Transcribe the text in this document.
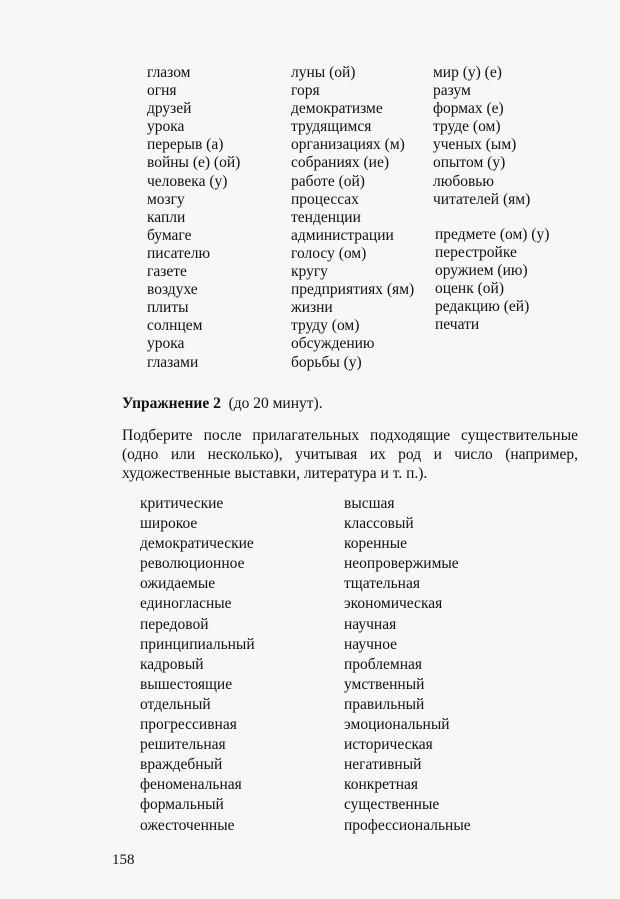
глазом
огня
друзей
урока
перерыв (а)
войны (е) (ой)
человека (у)
мозгу
капли
бумаге
писателю
газете
воздухе
плиты
солнцем
урока
глазами
луны (ой)
горя
демократизме
трудящимся
организациях (м)
собраниях (ие)
работе (ой)
процессах
тенденции
администрации
голосу (ом)
кругу
предприятиях (ям)
жизни
труду (ом)
обсуждению
борьбы (у)
мир (у) (е)
разум
формах (е)
труде (ом)
ученых (ым)
опытом (у)
любовью
читателей (ям)
предмете (ом) (у)
перестройке
оружием (ию)
оценк (ой)
редакцию (ей)
печати
Упражнение 2 (до 20 минут).
Подберите после прилагательных подходящие существительные (одно или несколько), учитывая их род и число (например, художественные выставки, литература и т. п.).
критические
широкое
демократические
революционное
ожидаемые
единогласные
передовой
принципиальный
кадровый
вышестоящие
отдельный
прогрессивная
решительная
враждебный
феноменальная
формальный
ожесточенные
высшая
классовый
коренные
неопровержимые
тщательная
экономическая
научная
научное
проблемная
умственный
правильный
эмоциональный
историческая
негативный
конкретная
существенные
профессиональные
158
